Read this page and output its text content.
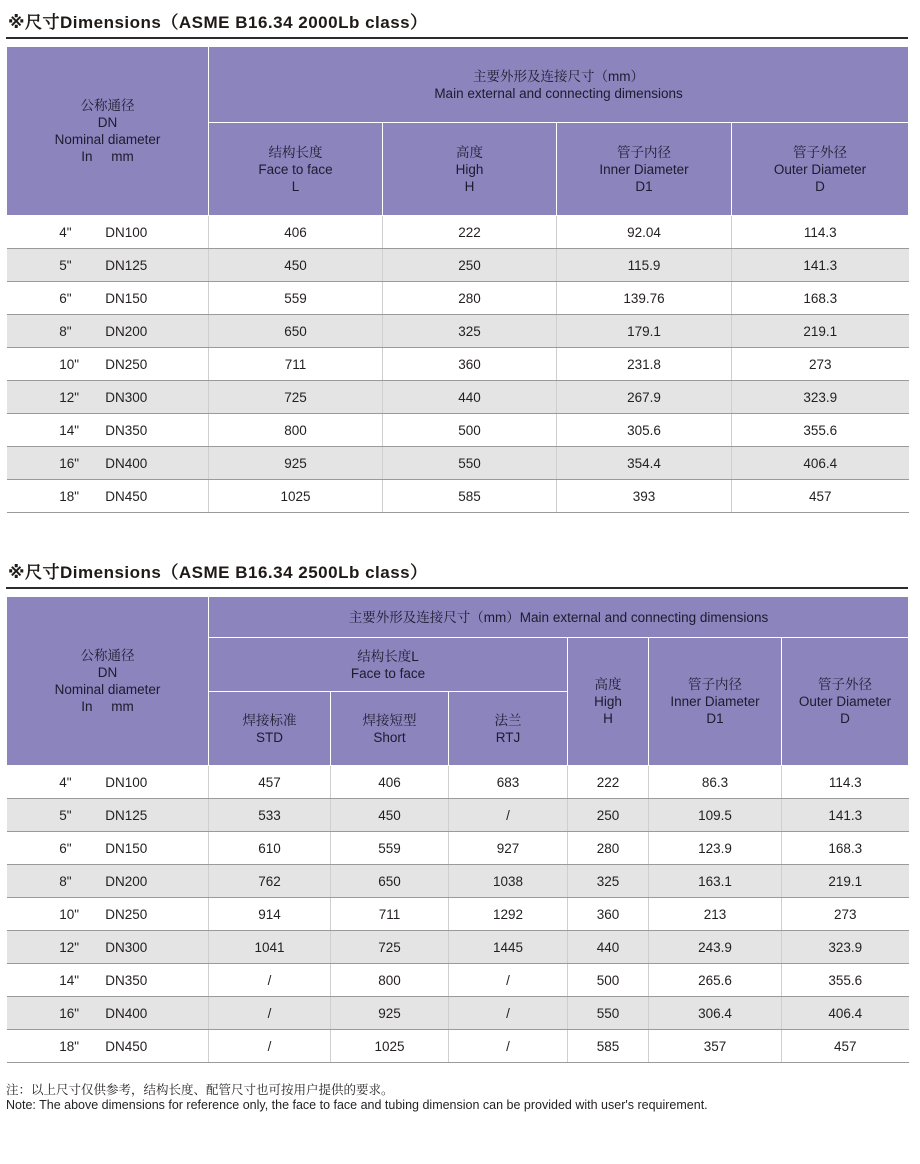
※尺寸Dimensions（ASME B16.34 2000Lb class）
公称通径
DN
Nominal diameter
In     mm	主要外形及连接尺寸（mm）
Main external and connecting dimensions			

	结构长度
Face to face
L	高度
High
H	管子内径
Inner Diameter
D1	管子外径
Outer Diameter
D

4" DN100	406	222	92.04	114.3
5" DN125	450	250	115.9	141.3
6" DN150	559	280	139.76	168.3
8" DN200	650	325	179.1	219.1
10" DN250	711	360	231.8	273
12" DN300	725	440	267.9	323.9
14" DN350	800	500	305.6	355.6
16" DN400	925	550	354.4	406.4
18" DN450	1025	585	393	457
※尺寸Dimensions（ASME B16.34 2500Lb class）
公称通径
DN
Nominal diameter
In     mm	主要外形及连接尺寸（mm）Main external and connecting dimensions					

	结构长度L
Face to face			高度
High
H	管子内径
Inner Diameter
D1	管子外径
Outer Diameter
D

	焊接标准
STD	焊接短型
Short	法兰
RTJ			

4" DN100	457	406	683	222	86.3	114.3
5" DN125	533	450	/	250	109.5	141.3
6" DN150	610	559	927	280	123.9	168.3
8" DN200	762	650	1038	325	163.1	219.1
10" DN250	914	711	1292	360	213	273
12" DN300	1041	725	1445	440	243.9	323.9
14" DN350	/	800	/	500	265.6	355.6
16" DN400	/	925	/	550	306.4	406.4
18" DN450	/	1025	/	585	357	457
注：以上尺寸仅供参考，结构长度、配管尺寸也可按用户提供的要求。
Note: The above dimensions for reference only, the face to face and tubing dimension can be provided with user's requirement.
